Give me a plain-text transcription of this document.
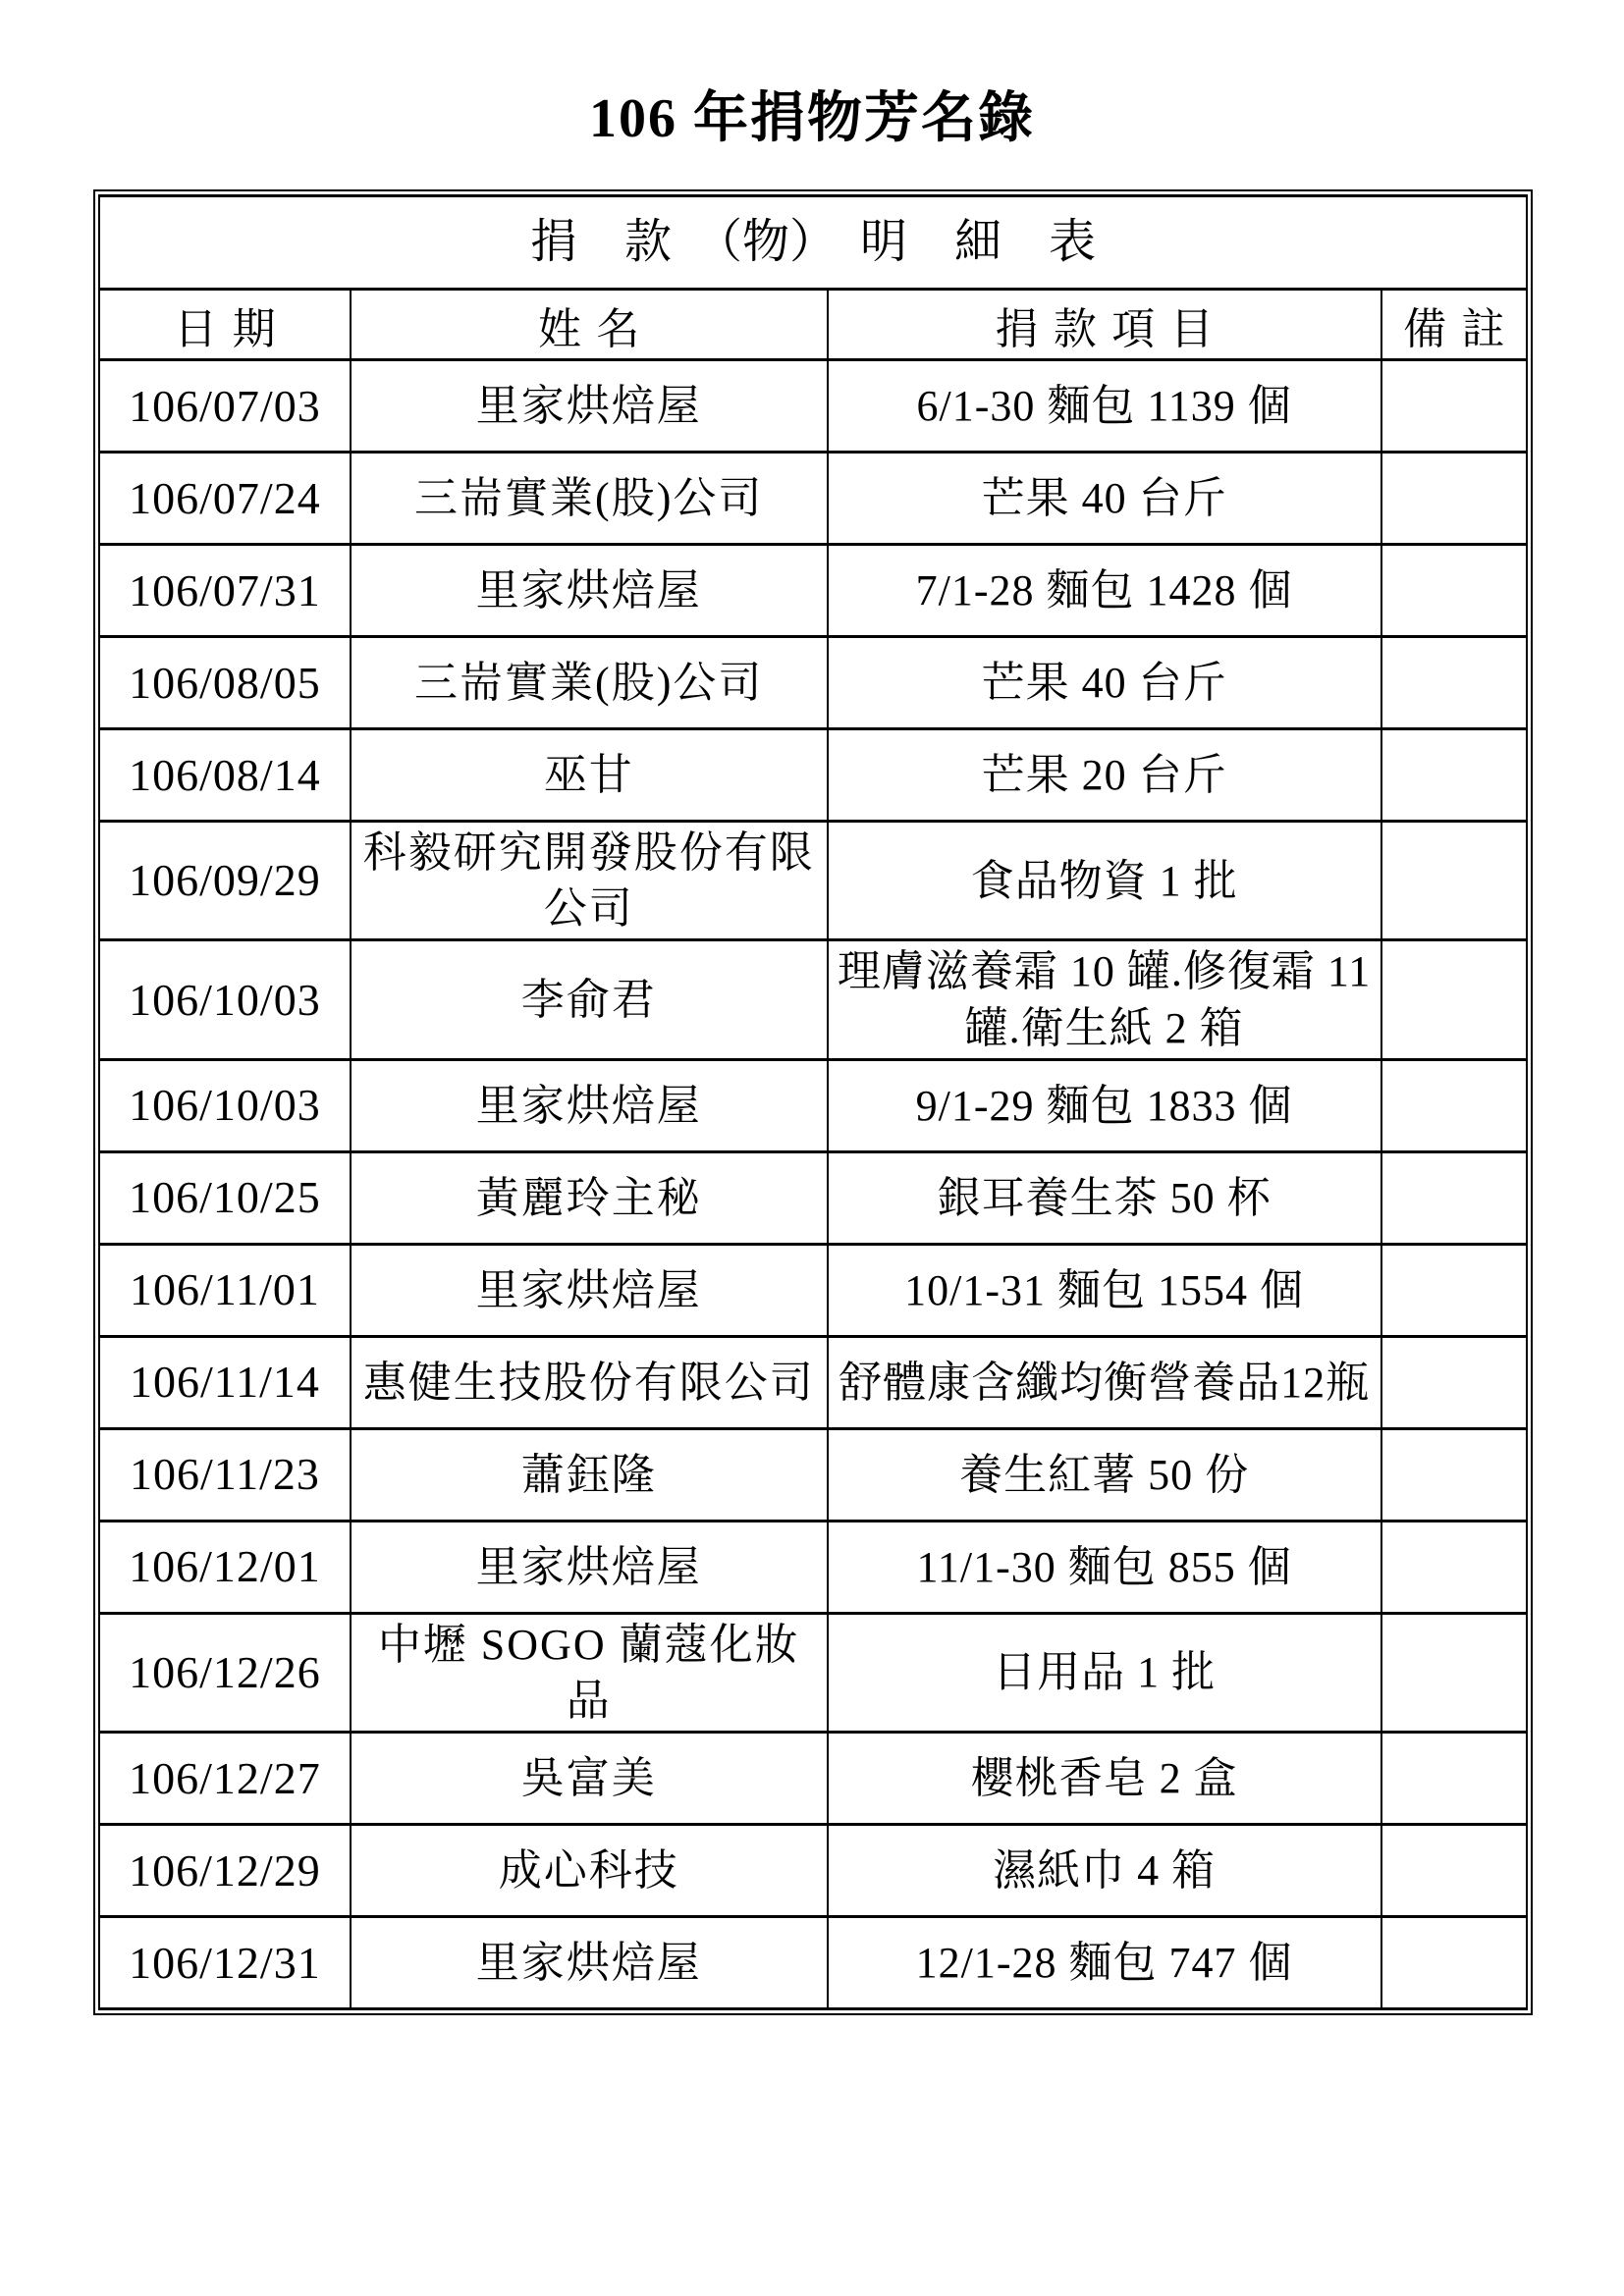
106 年捐物芳名錄
捐　款　（物）　明　細　表			
日期	姓名	捐款項目	備註
106/07/03	里家烘焙屋	6/1-30 麵包 1139 個	
106/07/24	三耑實業(股)公司	芒果 40 台斤	
106/07/31	里家烘焙屋	7/1-28 麵包 1428 個	
106/08/05	三耑實業(股)公司	芒果 40 台斤	
106/08/14	巫甘	芒果 20 台斤	
106/09/29	科毅研究開發股份有限公司	食品物資 1 批	
106/10/03	李俞君	理膚滋養霜 10 罐.修復霜 11 罐.衛生紙 2 箱	
106/10/03	里家烘焙屋	9/1-29 麵包 1833 個	
106/10/25	黃麗玲主秘	銀耳養生茶 50 杯	
106/11/01	里家烘焙屋	10/1-31 麵包 1554 個	
106/11/14	惠健生技股份有限公司	舒體康含纖均衡營養品12瓶	
106/11/23	蕭鈺隆	養生紅薯 50 份	
106/12/01	里家烘焙屋	11/1-30 麵包 855 個	
106/12/26	中壢 SOGO 蘭蔻化妝品	日用品 1 批	
106/12/27	吳富美	櫻桃香皂 2 盒	
106/12/29	成心科技	濕紙巾 4 箱	
106/12/31	里家烘焙屋	12/1-28 麵包 747 個	
